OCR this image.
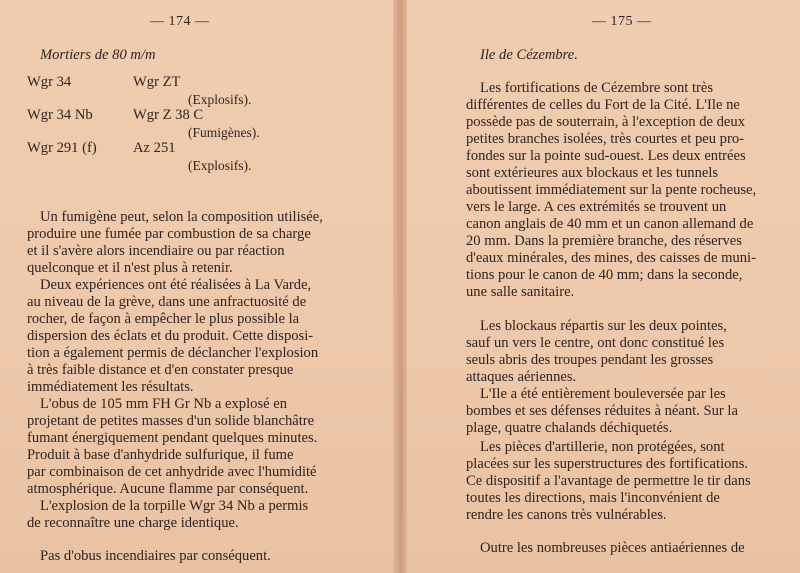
— 174 —
Mortiers de 80 m/m
Wgr 34	Wgr ZT
(Explosifs).
Wgr 34 Nb	Wgr Z 38 C
(Fumigènes).
Wgr 291 (f) Az 251
(Explosifs).
Un fumigène peut, selon la composition utilisée,
produire une fumée par combustion de sa charge
et il s'avère alors incendiaire ou par réaction
quelconque et il n'est plus à retenir.
Deux expériences ont été réalisées à La Varde,
au niveau de la grève, dans une anfractuosité de
rocher, de façon à empêcher le plus possible la
dispersion des éclats et du produit. Cette disposi-
tion a également permis de déclancher l'explosion
à très faible distance et d'en constater presque
immédiatement les résultats.
L'obus de 105 mm FH Gr Nb a explosé en
projetant de petites masses d'un solide blanchâtre
fumant énergiquement pendant quelques minutes.
Produit à base d'anhydride sulfurique, il fume
par combinaison de cet anhydride avec l'humidité
atmosphérique. Aucune flamme par conséquent.
L'explosion de la torpille Wgr 34 Nb a permis
de reconnaître une charge identique.
Pas d'obus incendiaires par conséquent.
— 175 —
Ile de Cézembre.
Les fortifications de Cézembre sont très
différentes de celles du Fort de la Cité. L'Ile ne
possède pas de souterrain, à l'exception de deux
petites branches isolées, très courtes et peu pro-
fondes sur la pointe sud-ouest. Les deux entrées
sont extérieures aux blockaus et les tunnels
aboutissent immédiatement sur la pente rocheuse,
vers le large. A ces extrémités se trouvent un
canon anglais de 40 mm et un canon allemand de
20 mm. Dans la première branche, des réserves
d'eaux minérales, des mines, des caisses de muni-
tions pour le canon de 40 mm; dans la seconde,
une salle sanitaire.
Les blockaus répartis sur les deux pointes,
sauf un vers le centre, ont donc constitué les
seuls abris des troupes pendant les grosses
attaques aériennes.
L'Ile a été entièrement bouleversée par les
bombes et ses défenses réduites à néant. Sur la
plage, quatre chalands déchiquetés.
Les pièces d'artillerie, non protégées, sont
placées sur les superstructures des fortifications.
Ce dispositif a l'avantage de permettre le tir dans
toutes les directions, mais l'inconvénient de
rendre les canons très vulnérables.
Outre les nombreuses pièces antiaériennes de
